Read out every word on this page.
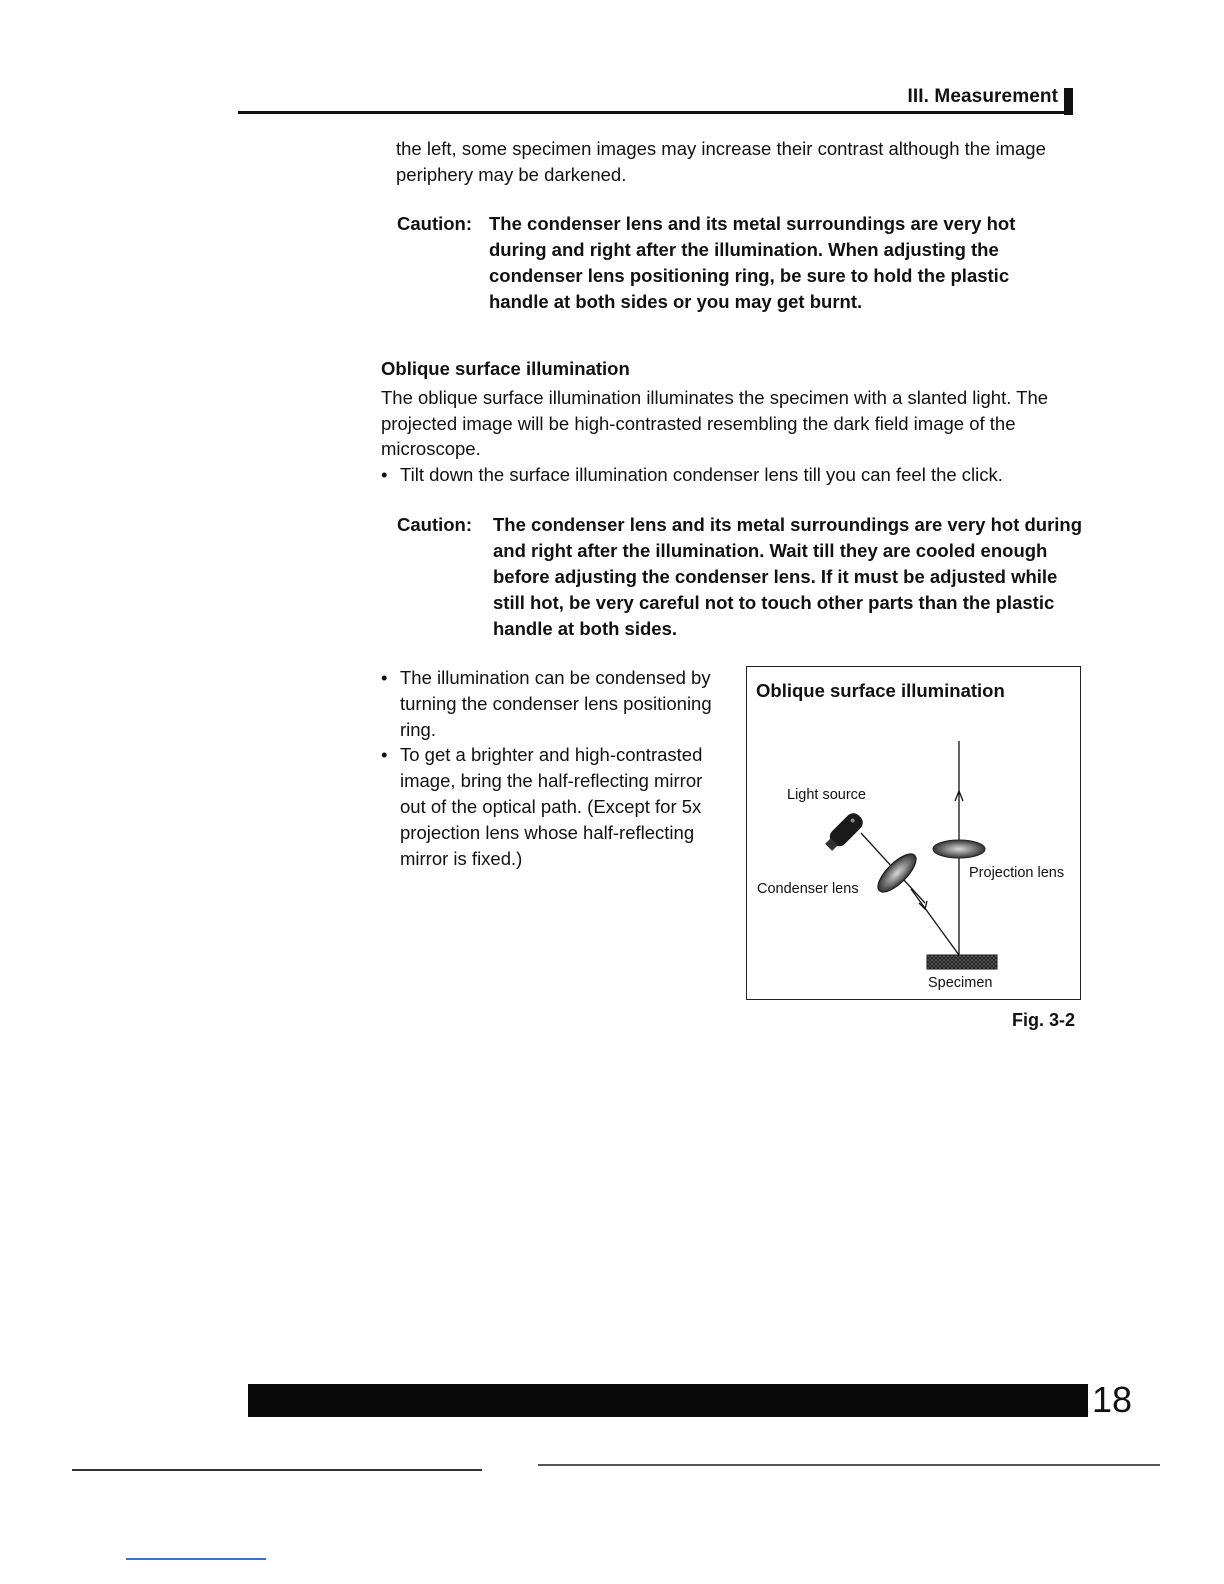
III. Measurement
the left, some specimen images may increase their contrast although the image periphery may be darkened.
Caution: The condenser lens and its metal surroundings are very hot during and right after the illumination. When adjusting the condenser lens positioning ring, be sure to hold the plastic handle at both sides or you may get burnt.
Oblique surface illumination
The oblique surface illumination illuminates the specimen with a slanted light. The projected image will be high-contrasted resembling the dark field image of the microscope.
• Tilt down the surface illumination condenser lens till you can feel the click.
Caution: The condenser lens and its metal surroundings are very hot during and right after the illumination. Wait till they are cooled enough before adjusting the condenser lens. If it must be adjusted while still hot, be very careful not to touch other parts than the plastic handle at both sides.
• The illumination can be condensed by turning the condenser lens positioning ring.
• To get a brighter and high-contrasted image, bring the half-reflecting mirror out of the optical path. (Except for 5x projection lens whose half-reflecting mirror is fixed.)
Oblique surface illumination
Light source
Condenser lens
Projection lens
Specimen
Fig. 3-2
18
